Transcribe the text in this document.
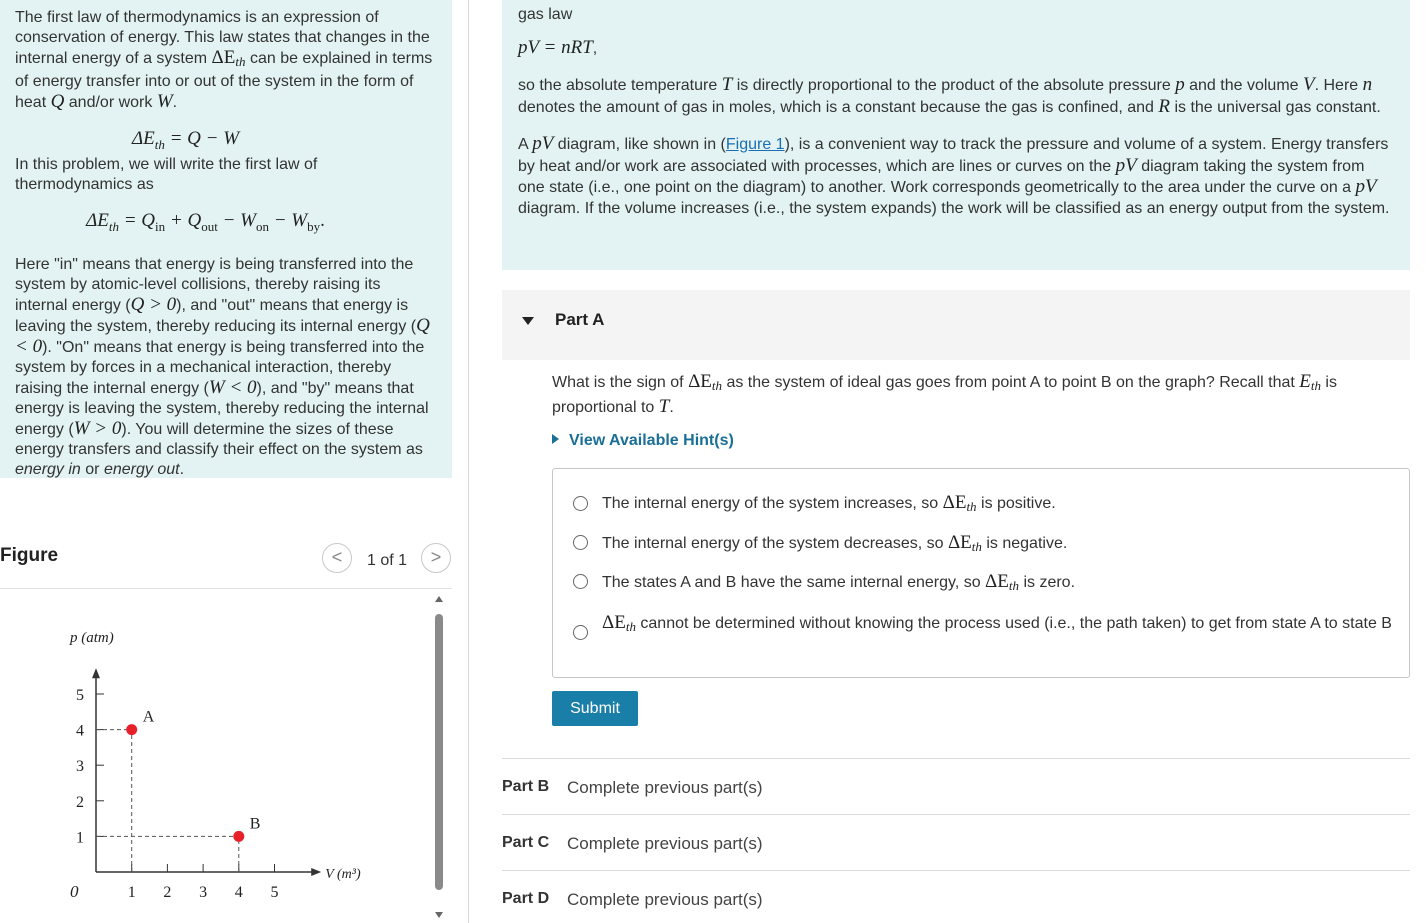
The first law of thermodynamics is an expression of conservation of energy. This law states that changes in the internal energy of a system $\Delta E_{th}$ can be explained in terms of energy transfer into or out of the system in the form of heat Q and/or work W.

$\Delta E_{th} = Q - W$

In this problem, we will write the first law of thermodynamics as

$\Delta E_{th} = Q_{in} + Q_{out} - W_{on} - W_{by}$.

Here "in" means that energy is being transferred into the system by atomic-level collisions, thereby raising its internal energy (Q > 0), and "out" means that energy is leaving the system, thereby reducing its internal energy (Q < 0). "On" means that energy is being transferred into the system by forces in a mechanical interaction, thereby raising the internal energy (W < 0), and "by" means that energy is leaving the system, thereby reducing the internal energy (W > 0). You will determine the sizes of these energy transfers and classify their effect on the system as energy in or energy out.

Figure	<	1 of 1	>
p (atm)
V (m³)
0
1
2
3
4
5
1 2 3 4 5
A
B

gas law

pV = nRT,

so the absolute temperature T is directly proportional to the product of the absolute pressure p and the volume V. Here n denotes the amount of gas in moles, which is a constant because the gas is confined, and R is the universal gas constant.

A pV diagram, like shown in (Figure 1), is a convenient way to track the pressure and volume of a system. Energy transfers by heat and/or work are associated with processes, which are lines or curves on the pV diagram taking the system from one state (i.e., one point on the diagram) to another. Work corresponds geometrically to the area under the curve on a pV diagram. If the volume increases (i.e., the system expands) the work will be classified as an energy output from the system.

Part A
What is the sign of $\Delta E_{th}$ as the system of ideal gas goes from point A to point B on the graph? Recall that $E_{th}$ is proportional to T.
View Available Hint(s)
The internal energy of the system increases, so $\Delta E_{th}$ is positive.
The internal energy of the system decreases, so $\Delta E_{th}$ is negative.
The states A and B have the same internal energy, so $\Delta E_{th}$ is zero.
$\Delta E_{th}$ cannot be determined without knowing the process used (i.e., the path taken) to get from state A to state B
Submit
Part B Complete previous part(s)
Part C Complete previous part(s)
Part D Complete previous part(s)
